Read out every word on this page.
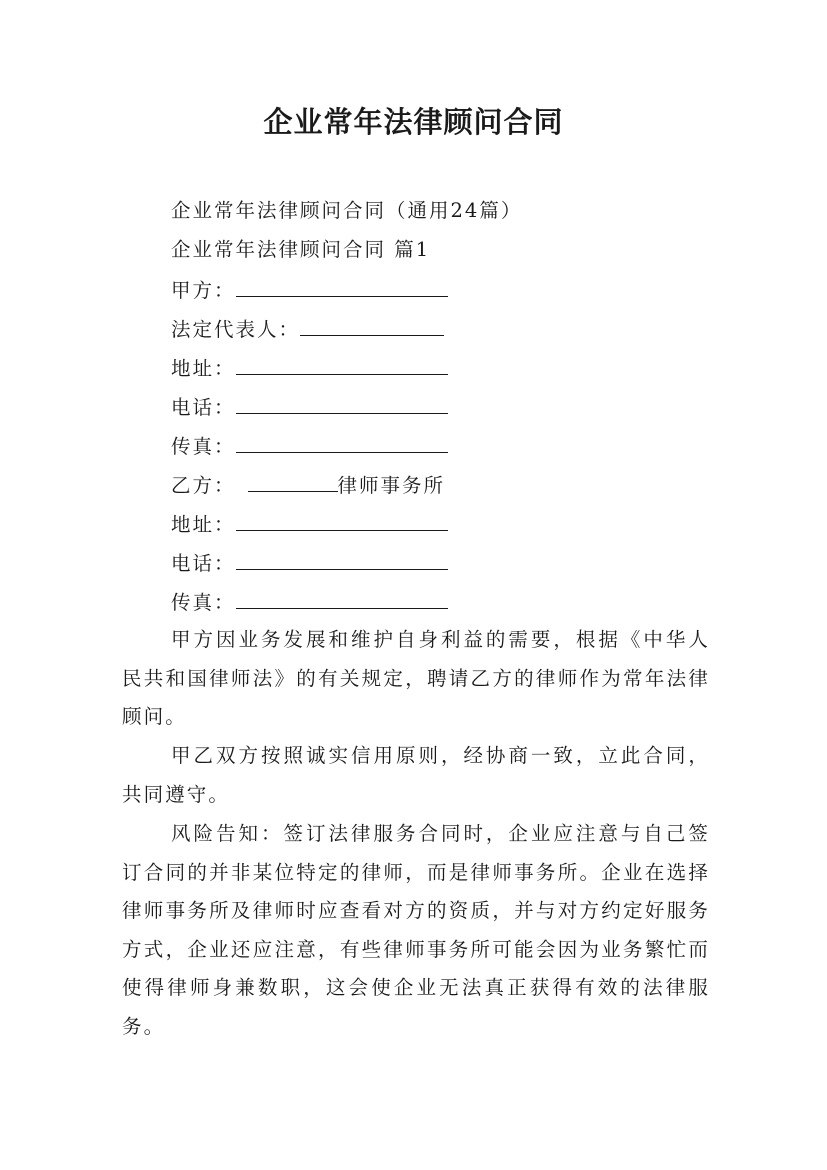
企业常年法律顾问合同
企业常年法律顾问合同（通用24篇）
企业常年法律顾问合同 篇1
甲方：
法定代表人：
地址：
电话：
传真：
乙方：	律师事务所
地址：
电话：
传真：

甲方因业务发展和维护自身利益的需要，根据《中华人民共和国律师法》的有关规定，聘请乙方的律师作为常年法律顾问。

甲乙双方按照诚实信用原则，经协商一致，立此合同，共同遵守。

风险告知：签订法律服务合同时，企业应注意与自己签订合同的并非某位特定的律师，而是律师事务所。企业在选择律师事务所及律师时应查看对方的资质，并与对方约定好服务方式，企业还应注意，有些律师事务所可能会因为业务繁忙而使得律师身兼数职，这会使企业无法真正获得有效的法律服务。
